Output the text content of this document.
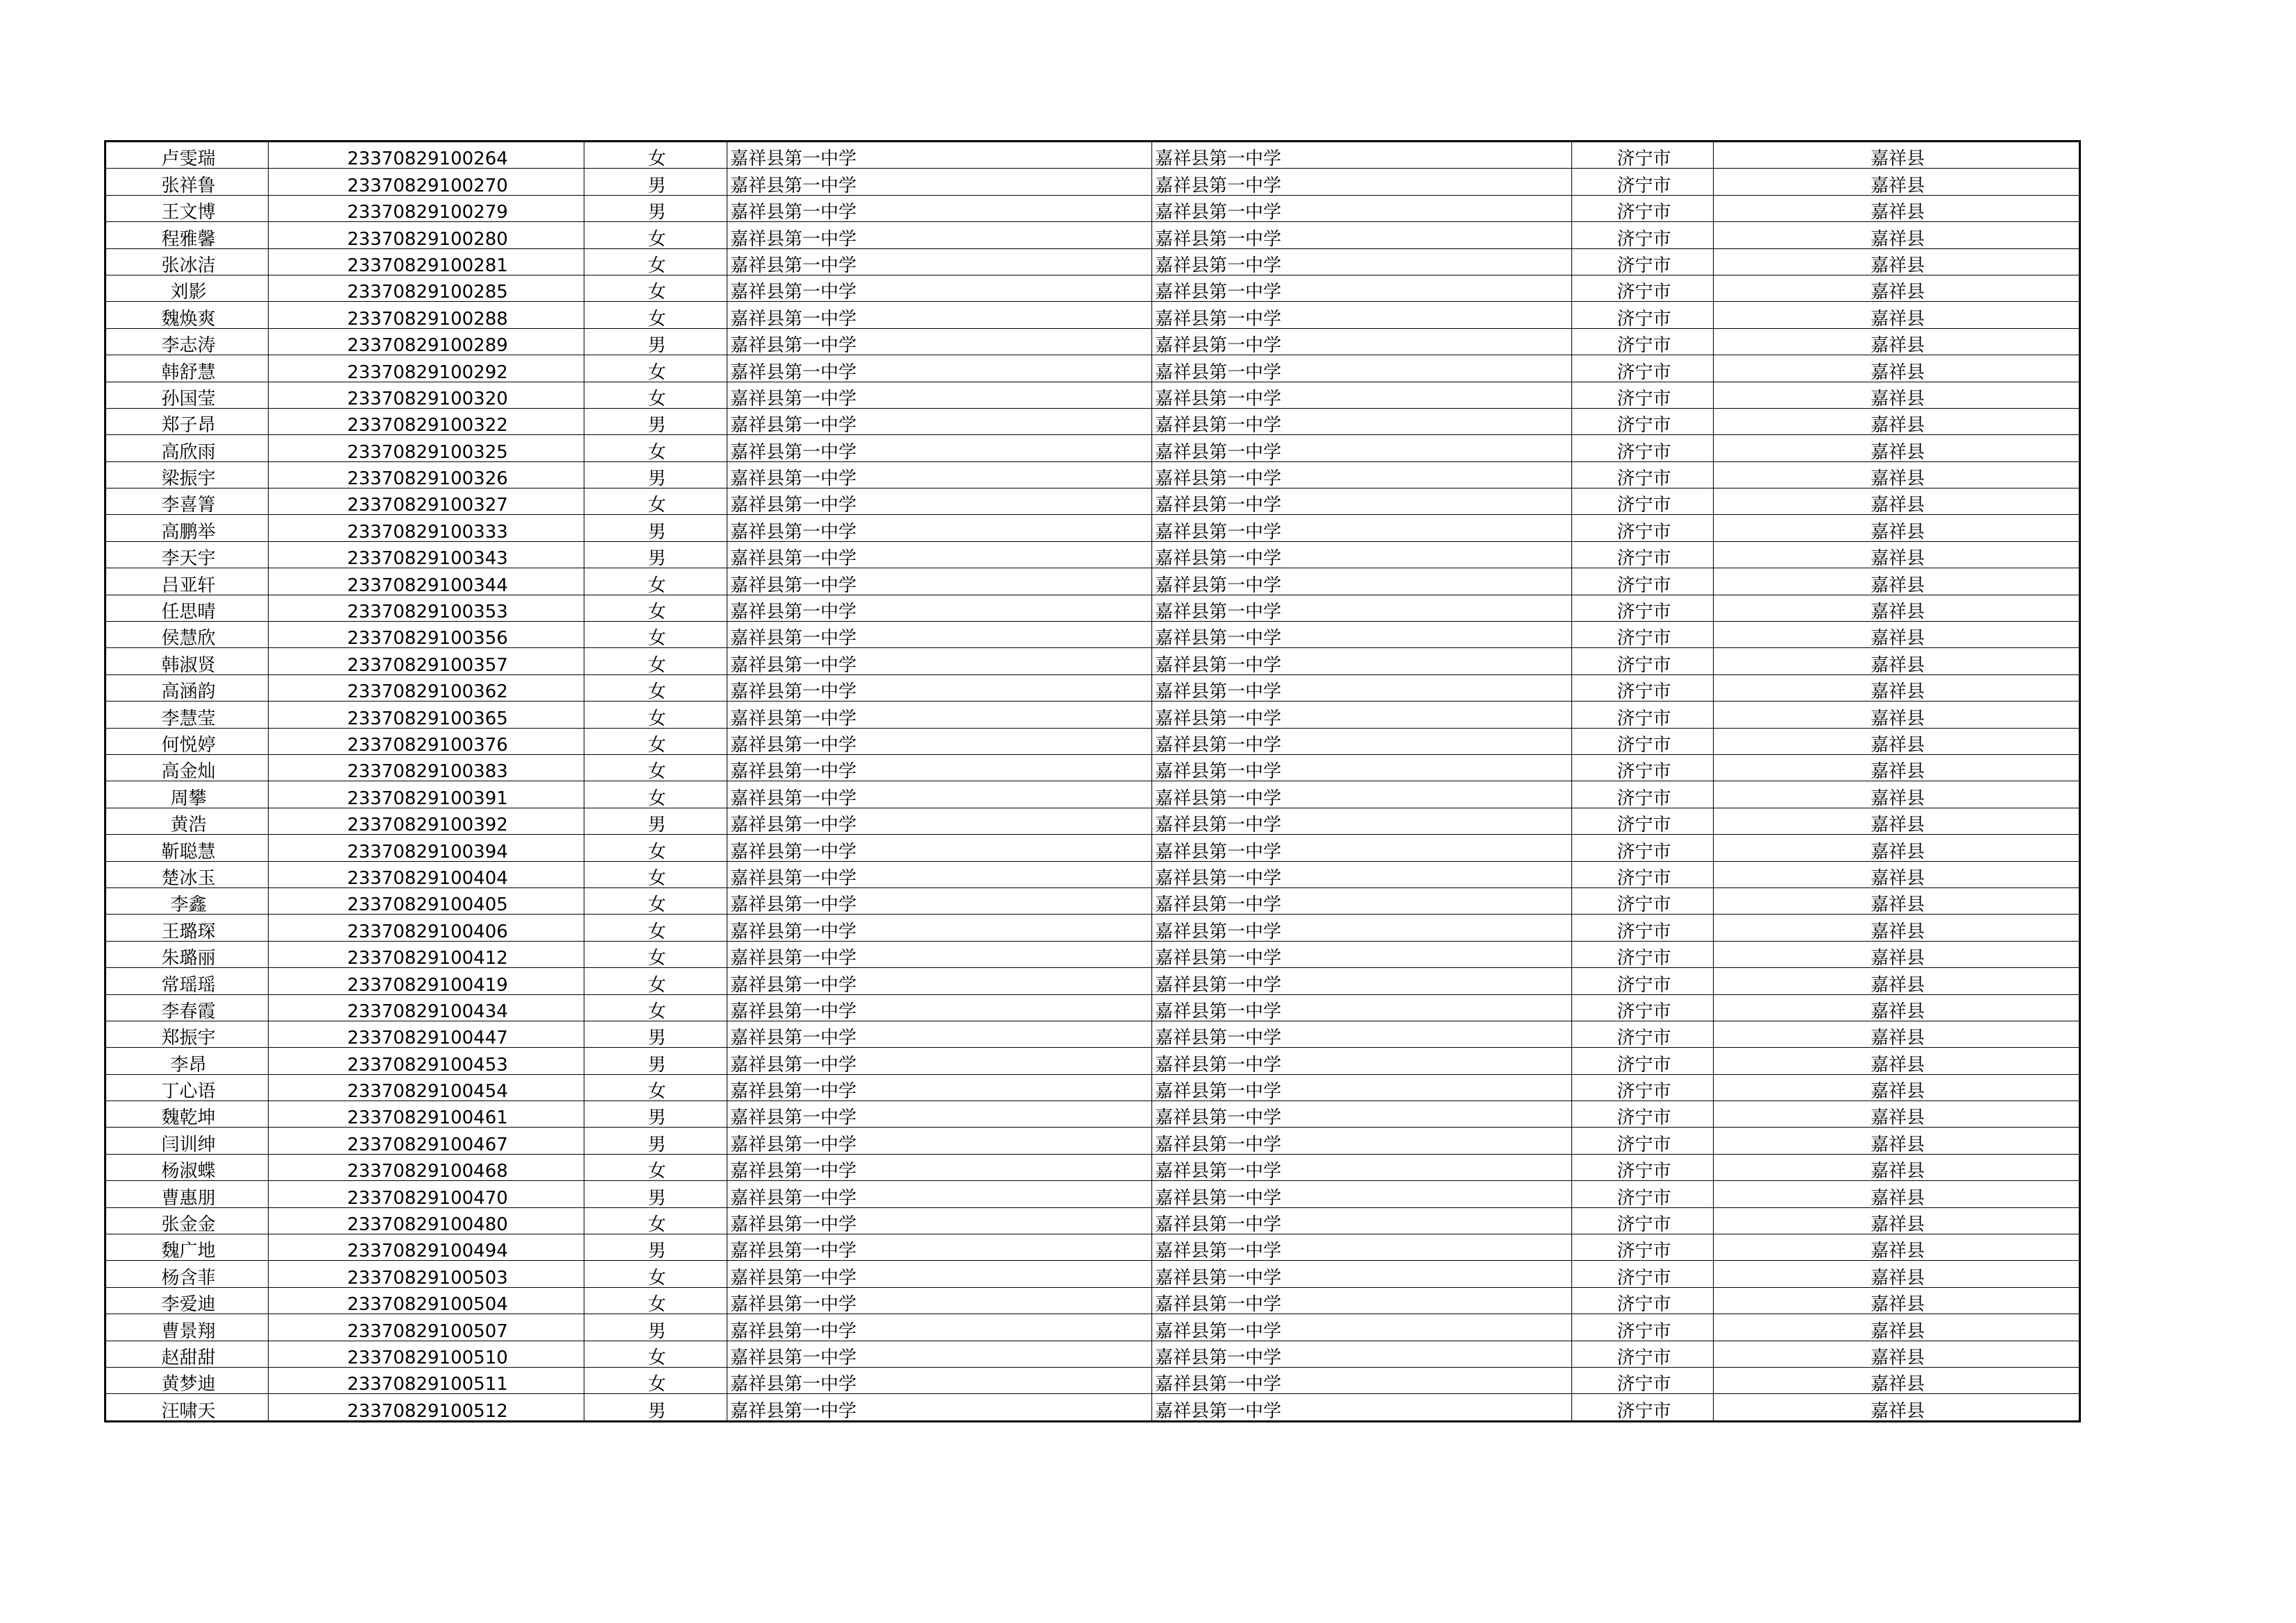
卢雯瑞	23370829100264	女	嘉祥县第一中学	嘉祥县第一中学	济宁市	嘉祥县
张祥鲁	23370829100270	男	嘉祥县第一中学	嘉祥县第一中学	济宁市	嘉祥县
王文博	23370829100279	男	嘉祥县第一中学	嘉祥县第一中学	济宁市	嘉祥县
程雅馨	23370829100280	女	嘉祥县第一中学	嘉祥县第一中学	济宁市	嘉祥县
张冰洁	23370829100281	女	嘉祥县第一中学	嘉祥县第一中学	济宁市	嘉祥县
刘影	23370829100285	女	嘉祥县第一中学	嘉祥县第一中学	济宁市	嘉祥县
魏焕爽	23370829100288	女	嘉祥县第一中学	嘉祥县第一中学	济宁市	嘉祥县
李志涛	23370829100289	男	嘉祥县第一中学	嘉祥县第一中学	济宁市	嘉祥县
韩舒慧	23370829100292	女	嘉祥县第一中学	嘉祥县第一中学	济宁市	嘉祥县
孙国莹	23370829100320	女	嘉祥县第一中学	嘉祥县第一中学	济宁市	嘉祥县
郑子昂	23370829100322	男	嘉祥县第一中学	嘉祥县第一中学	济宁市	嘉祥县
高欣雨	23370829100325	女	嘉祥县第一中学	嘉祥县第一中学	济宁市	嘉祥县
梁振宇	23370829100326	男	嘉祥县第一中学	嘉祥县第一中学	济宁市	嘉祥县
李喜箐	23370829100327	女	嘉祥县第一中学	嘉祥县第一中学	济宁市	嘉祥县
高鹏举	23370829100333	男	嘉祥县第一中学	嘉祥县第一中学	济宁市	嘉祥县
李天宇	23370829100343	男	嘉祥县第一中学	嘉祥县第一中学	济宁市	嘉祥县
吕亚轩	23370829100344	女	嘉祥县第一中学	嘉祥县第一中学	济宁市	嘉祥县
任思晴	23370829100353	女	嘉祥县第一中学	嘉祥县第一中学	济宁市	嘉祥县
侯慧欣	23370829100356	女	嘉祥县第一中学	嘉祥县第一中学	济宁市	嘉祥县
韩淑贤	23370829100357	女	嘉祥县第一中学	嘉祥县第一中学	济宁市	嘉祥县
高涵韵	23370829100362	女	嘉祥县第一中学	嘉祥县第一中学	济宁市	嘉祥县
李慧莹	23370829100365	女	嘉祥县第一中学	嘉祥县第一中学	济宁市	嘉祥县
何悦婷	23370829100376	女	嘉祥县第一中学	嘉祥县第一中学	济宁市	嘉祥县
高金灿	23370829100383	女	嘉祥县第一中学	嘉祥县第一中学	济宁市	嘉祥县
周攀	23370829100391	女	嘉祥县第一中学	嘉祥县第一中学	济宁市	嘉祥县
黄浩	23370829100392	男	嘉祥县第一中学	嘉祥县第一中学	济宁市	嘉祥县
靳聪慧	23370829100394	女	嘉祥县第一中学	嘉祥县第一中学	济宁市	嘉祥县
楚冰玉	23370829100404	女	嘉祥县第一中学	嘉祥县第一中学	济宁市	嘉祥县
李鑫	23370829100405	女	嘉祥县第一中学	嘉祥县第一中学	济宁市	嘉祥县
王璐琛	23370829100406	女	嘉祥县第一中学	嘉祥县第一中学	济宁市	嘉祥县
朱璐丽	23370829100412	女	嘉祥县第一中学	嘉祥县第一中学	济宁市	嘉祥县
常瑶瑶	23370829100419	女	嘉祥县第一中学	嘉祥县第一中学	济宁市	嘉祥县
李春霞	23370829100434	女	嘉祥县第一中学	嘉祥县第一中学	济宁市	嘉祥县
郑振宇	23370829100447	男	嘉祥县第一中学	嘉祥县第一中学	济宁市	嘉祥县
李昂	23370829100453	男	嘉祥县第一中学	嘉祥县第一中学	济宁市	嘉祥县
丁心语	23370829100454	女	嘉祥县第一中学	嘉祥县第一中学	济宁市	嘉祥县
魏乾坤	23370829100461	男	嘉祥县第一中学	嘉祥县第一中学	济宁市	嘉祥县
闫训绅	23370829100467	男	嘉祥县第一中学	嘉祥县第一中学	济宁市	嘉祥县
杨淑蝶	23370829100468	女	嘉祥县第一中学	嘉祥县第一中学	济宁市	嘉祥县
曹惠朋	23370829100470	男	嘉祥县第一中学	嘉祥县第一中学	济宁市	嘉祥县
张金金	23370829100480	女	嘉祥县第一中学	嘉祥县第一中学	济宁市	嘉祥县
魏广地	23370829100494	男	嘉祥县第一中学	嘉祥县第一中学	济宁市	嘉祥县
杨含菲	23370829100503	女	嘉祥县第一中学	嘉祥县第一中学	济宁市	嘉祥县
李爱迪	23370829100504	女	嘉祥县第一中学	嘉祥县第一中学	济宁市	嘉祥县
曹景翔	23370829100507	男	嘉祥县第一中学	嘉祥县第一中学	济宁市	嘉祥县
赵甜甜	23370829100510	女	嘉祥县第一中学	嘉祥县第一中学	济宁市	嘉祥县
黄梦迪	23370829100511	女	嘉祥县第一中学	嘉祥县第一中学	济宁市	嘉祥县
汪啸天	23370829100512	男	嘉祥县第一中学	嘉祥县第一中学	济宁市	嘉祥县
